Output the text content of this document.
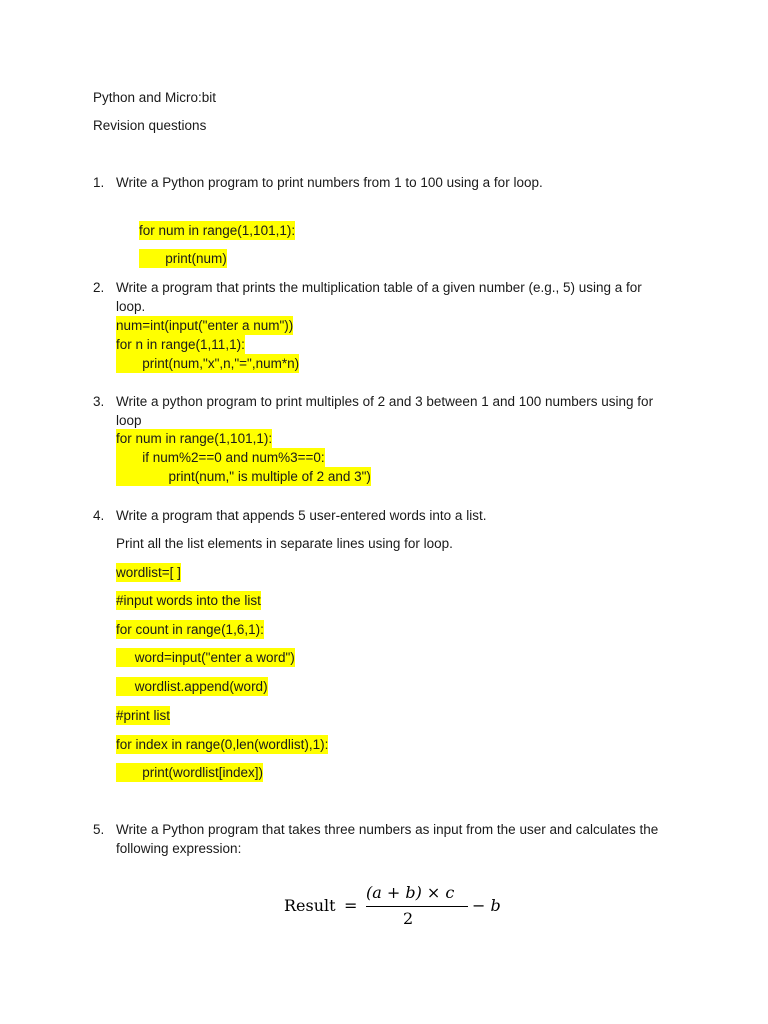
Python and Micro:bit
Revision questions
1. Write a Python program to print numbers from 1 to 100 using a for loop.
for num in range(1,101,1):
print(num)
2. Write a program that prints the multiplication table of a given number (e.g., 5) using a for
loop.
num=int(input("enter a num"))
for n in range(1,11,1):
print(num,"x",n,"=",num*n)
3. Write a python program to print multiples of 2 and 3 between 1 and 100 numbers using for
loop
for num in range(1,101,1):
if num%2==0 and num%3==0:
print(num," is multiple of 2 and 3")
4. Write a program that appends 5 user-entered words into a list.
Print all the list elements in separate lines using for loop.
wordlist=[ ]
#input words into the list
for count in range(1,6,1):
word=input("enter a word")
wordlist.append(word)
#print list
for index in range(0,len(wordlist),1):
print(wordlist[index])
5. Write a Python program that takes three numbers as input from the user and calculates the
following expression:
Result =
(a + b) × c
2
− b
